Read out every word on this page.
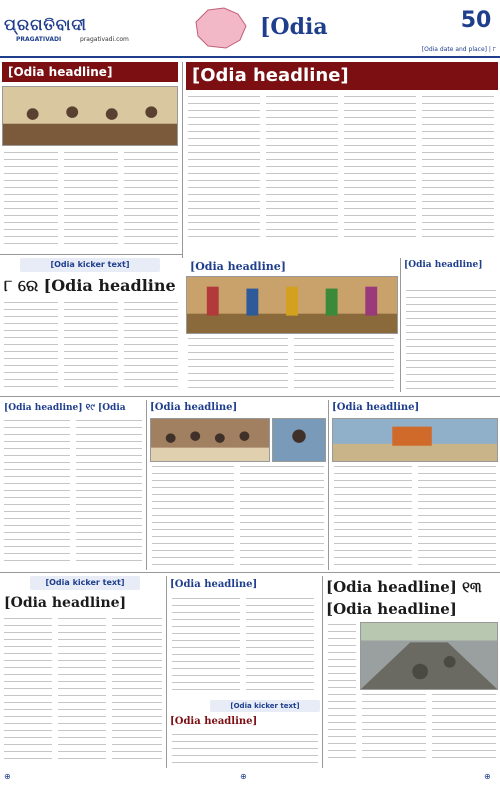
ପ୍ରଗତିବାଦୀ
PRAGATIVADI	pragativadi.com	[Odia	50
[Odia date and place] | ୮
[Odia headline]	[Odia headline]
[Odia kicker text]
୮ ରେ [Odia headline
[Odia headline]	[Odia headline]
[Odia headline] ୧୯ [Odia	[Odia headline]	[Odia headline]
[Odia kicker text]
[Odia headline]
[Odia headline]
[Odia kicker text]
[Odia headline]
[Odia headline] ୧୩ [Odia headline]
⊕	⊕	⊕
